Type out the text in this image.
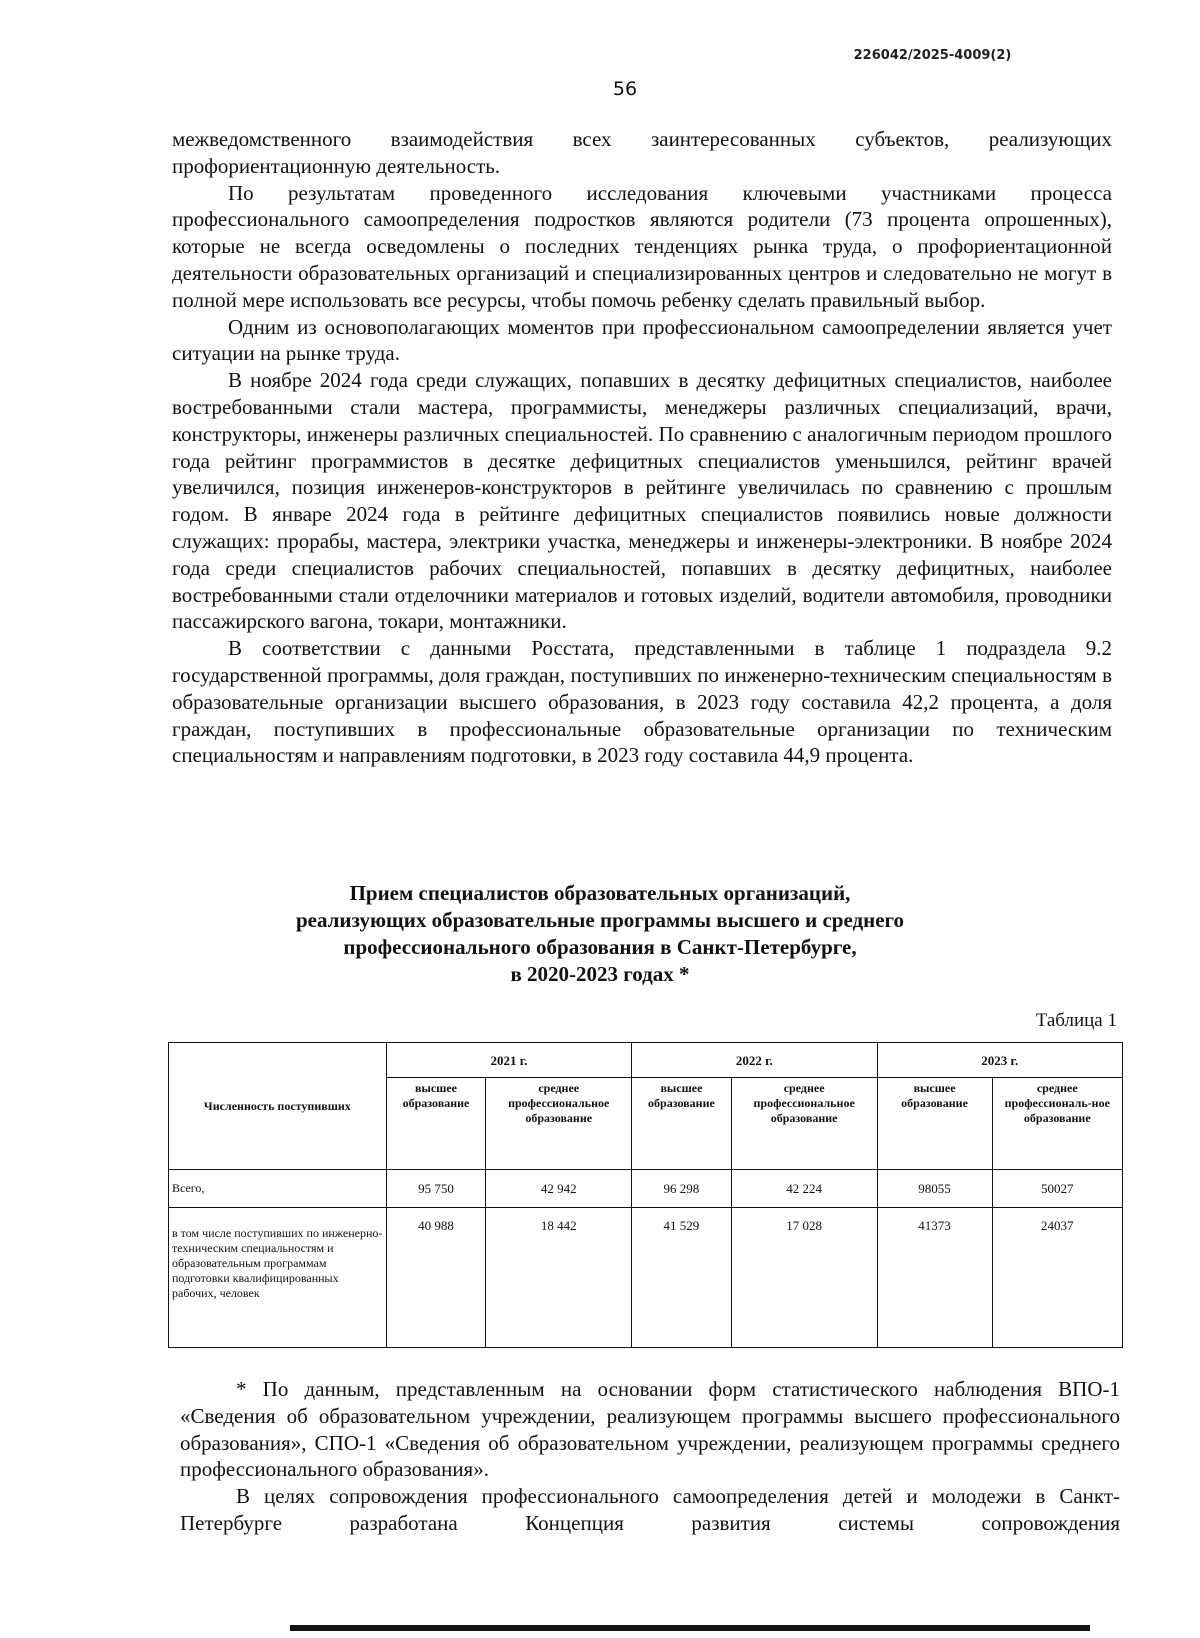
226042/2025-4009(2)
56

межведомственного взаимодействия всех заинтересованных субъектов, реализующих профориентационную деятельность.

По результатам проведенного исследования ключевыми участниками процесса профессионального самоопределения подростков являются родители (73 процента опрошенных), которые не всегда осведомлены о последних тенденциях рынка труда, о профориентационной деятельности образовательных организаций и специализированных центров и следовательно не могут в полной мере использовать все ресурсы, чтобы помочь ребенку сделать правильный выбор.

Одним из основополагающих моментов при профессиональном самоопределении является учет ситуации на рынке труда.

В ноябре 2024 года среди служащих, попавших в десятку дефицитных специалистов, наиболее востребованными стали мастера, программисты, менеджеры различных специализаций, врачи, конструкторы, инженеры различных специальностей. По сравнению с аналогичным периодом прошлого года рейтинг программистов в десятке дефицитных специалистов уменьшился, рейтинг врачей увеличился, позиция инженеров-конструкторов в рейтинге увеличилась по сравнению с прошлым годом. В январе 2024 года в рейтинге дефицитных специалистов появились новые должности служащих: прорабы, мастера, электрики участка, менеджеры и инженеры-электроники. В ноябре 2024 года среди специалистов рабочих специальностей, попавших в десятку дефицитных, наиболее востребованными стали отделочники материалов и готовых изделий, водители автомобиля, проводники пассажирского вагона, токари, монтажники.

В соответствии с данными Росстата, представленными в таблице 1 подраздела 9.2 государственной программы, доля граждан, поступивших по инженерно-техническим специальностям в образовательные организации высшего образования, в 2023 году составила 42,2 процента, а доля граждан, поступивших в профессиональные образовательные организации по техническим специальностям и направлениям подготовки, в 2023 году составила 44,9 процента.

Прием специалистов образовательных организаций,
реализующих образовательные программы высшего и среднего
профессионального образования в Санкт-Петербурге,
в 2020-2023 годах *
Таблица 1
Численность поступивших	2021 г.		2022 г.		2023 г.	
	высшее образование	среднее профессиональное образование	высшее образование	среднее профессиональное образование	высшее образование	среднее профессиональ-ное образование
Всего,	95 750	42 942	96 298	42 224	98055	50027
в том числе поступивших по инженерно-техническим специальностям и образовательным программам подготовки квалифицированных рабочих, человек	40 988	18 442	41 529	17 028	41373	24037

* По данным, представленным на основании форм статистического наблюдения ВПО-1 «Сведения об образовательном учреждении, реализующем программы высшего профессионального образования», СПО-1 «Сведения об образовательном учреждении, реализующем программы среднего профессионального образования».

В целях сопровождения профессионального самоопределения детей и молодежи в Санкт-Петербурге разработана Концепция развития системы сопровождения
